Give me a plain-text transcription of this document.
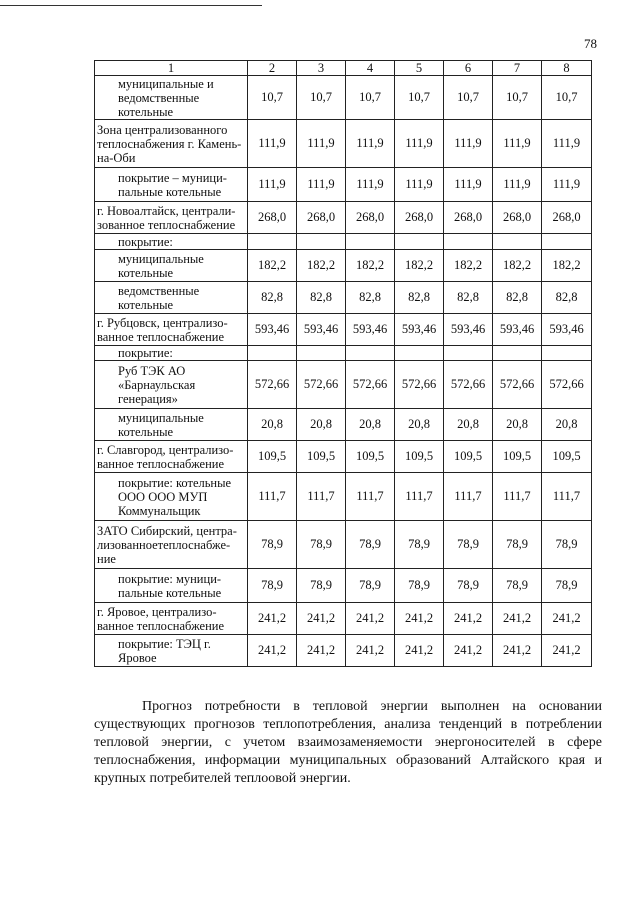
78
1	2	3	4	5	6	7	8
муниципальные и ведомственные котельные	10,7	10,7	10,7	10,7	10,7	10,7	10,7
Зона централизованного теплоснабжения г. Камень-на-Оби	111,9	111,9	111,9	111,9	111,9	111,9	111,9
покрытие – муници-пальные котельные	111,9	111,9	111,9	111,9	111,9	111,9	111,9
г. Новоалтайск, централи-зованное теплоснабжение	268,0	268,0	268,0	268,0	268,0	268,0	268,0
покрытие:							
муниципальные котельные	182,2	182,2	182,2	182,2	182,2	182,2	182,2
ведомственные котельные	82,8	82,8	82,8	82,8	82,8	82,8	82,8
г. Рубцовск, централизо-ванное теплоснабжение	593,46	593,46	593,46	593,46	593,46	593,46	593,46
покрытие:							
Руб ТЭК АО «Барнаульская генерация»	572,66	572,66	572,66	572,66	572,66	572,66	572,66
муниципальные котельные	20,8	20,8	20,8	20,8	20,8	20,8	20,8
г. Славгород, централизо-ванное теплоснабжение	109,5	109,5	109,5	109,5	109,5	109,5	109,5
покрытие: котельные ООО ООО МУП Коммунальщик	111,7	111,7	111,7	111,7	111,7	111,7	111,7
ЗАТО Сибирский, центра-лизованноетеплоснабже-ние	78,9	78,9	78,9	78,9	78,9	78,9	78,9
покрытие: муници-пальные котельные	78,9	78,9	78,9	78,9	78,9	78,9	78,9
г. Яровое, централизо-ванное теплоснабжение	241,2	241,2	241,2	241,2	241,2	241,2	241,2
покрытие: ТЭЦ г. Яровое	241,2	241,2	241,2	241,2	241,2	241,2	241,2

Прогноз потребности в тепловой энергии выполнен на основании существующих прогнозов теплопотребления, анализа тенденций в потреблении тепловой энергии, с учетом взаимозаменяемости энергоносителей в сфере теплоснабжения, информации муниципальных образований Алтайского края и крупных потребителей теплоовой энергии.
